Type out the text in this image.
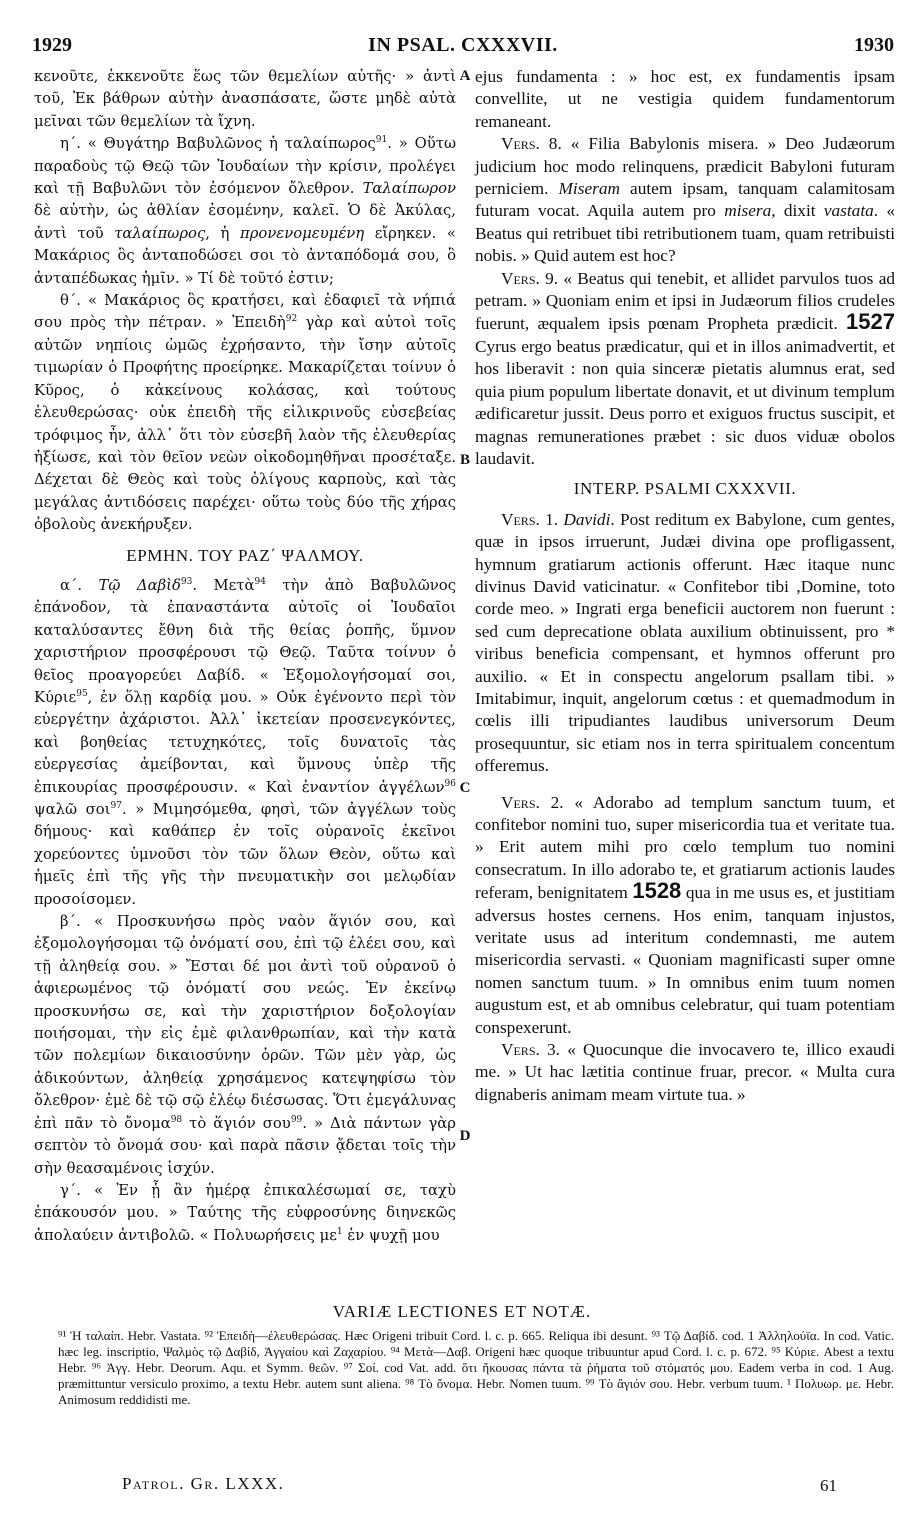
1929	IN PSAL. CXXXVII.	1930
A
B
C
D

κενοῦτε, ἐκκενοῦτε ἕως τῶν θεμελίων αὐτῆς· » ἀντὶ τοῦ, Ἐκ βάθρων αὐτὴν ἀνασπάσατε, ὥστε μηδὲ αὐτὰ μεῖναι τῶν θεμελίων τὰ ἴχνη.

η΄. « Θυγάτηρ Βαβυλῶνος ἡ ταλαίπωρος$^{91}$. » Οὕτω παραδοὺς τῷ Θεῷ τῶν Ἰουδαίων τὴν κρίσιν, προλέγει καὶ τῇ Βαβυλῶνι τὸν ἐσόμενον ὄλεθρον. Ταλαίπωρον δὲ αὐτὴν, ὡς ἀθλίαν ἐσομένην, καλεῖ. Ὁ δὲ Ἀκύλας, ἀντὶ τοῦ ταλαίπωρος, ἡ προνενομευμένη εἴρηκεν. « Μακάριος ὃς ἀνταποδώσει σοι τὸ ἀνταπόδομά σου, ὃ ἀνταπέδωκας ἡμῖν. » Τί δὲ τοῦτό ἐστιν;

θ΄. « Μακάριος ὃς κρατήσει, καὶ ἐδαφιεῖ τὰ νήπιά σου πρὸς τὴν πέτραν. » Ἐπειδὴ$^{92}$ γὰρ καὶ αὐτοὶ τοῖς αὐτῶν νηπίοις ὠμῶς ἐχρήσαντο, τὴν ἴσην αὐτοῖς τιμωρίαν ὁ Προφήτης προείρηκε. Μακαρίζεται τοίνυν ὁ Κῦρος, ὁ κἀκείνους κολάσας, καὶ τούτους ἐλευθερώσας· οὐκ ἐπειδὴ τῆς εἰλικρινοῦς εὐσεβείας τρόφιμος ἦν, ἀλλ᾽ ὅτι τὸν εὐσεβῆ λαὸν τῆς ἐλευθερίας ἠξίωσε, καὶ τὸν θεῖον νεὼν οἰκοδομηθῆναι προσέταξε. Δέχεται δὲ Θεὸς καὶ τοὺς ὀλίγους καρποὺς, καὶ τὰς μεγάλας ἀντιδόσεις παρέχει· οὕτω τοὺς δύο τῆς χήρας ὀβολοὺς ἀνεκήρυξεν.

ΕΡΜΗΝ. ΤΟΥ ΡΑΖ΄ ΨΑΛΜΟΥ.

α΄. Τῷ Δαβὶδ$^{93}$. Μετὰ$^{94}$ τὴν ἀπὸ Βαβυλῶνος ἐπάνοδον, τὰ ἐπαναστάντα αὐτοῖς οἱ Ἰουδαῖοι καταλύσαντες ἔθνη διὰ τῆς θείας ῥοπῆς, ὕμνον χαριστήριον προσφέρουσι τῷ Θεῷ. Ταῦτα τοίνυν ὁ θεῖος προαγορεύει Δαβίδ. « Ἐξομολογήσομαί σοι, Κύριε$^{95}$, ἐν ὅλῃ καρδίᾳ μου. » Οὐκ ἐγένοντο περὶ τὸν εὐεργέτην ἀχάριστοι. Ἀλλ᾽ ἱκετείαν προσενεγκόντες, καὶ βοηθείας τετυχηκότες, τοῖς δυνατοῖς τὰς εὐεργεσίας ἀμείβονται, καὶ ὕμνους ὑπὲρ τῆς ἐπικουρίας προσφέρουσιν. « Καὶ ἐναντίον ἀγγέλων$^{96}$ ψαλῶ σοι$^{97}$. » Μιμησόμεθα, φησὶ, τῶν ἀγγέλων τοὺς δήμους· καὶ καθάπερ ἐν τοῖς οὐρανοῖς ἐκεῖνοι χορεύοντες ὑμνοῦσι τὸν τῶν ὅλων Θεὸν, οὕτω καὶ ἡμεῖς ἐπὶ τῆς γῆς τὴν πνευματικὴν σοι μελῳδίαν προσοίσομεν.

β΄. « Προσκυνήσω πρὸς ναὸν ἅγιόν σου, καὶ ἐξομολογήσομαι τῷ ὀνόματί σου, ἐπὶ τῷ ἐλέει σου, καὶ τῇ ἀληθείᾳ σου. » Ἔσται δέ μοι ἀντὶ τοῦ οὐρανοῦ ὁ ἀφιερωμένος τῷ ὀνόματί σου νεώς. Ἐν ἐκείνῳ προσκυνήσω σε, καὶ τὴν χαριστήριον δοξολογίαν ποιήσομαι, τὴν εἰς ἐμὲ φιλανθρωπίαν, καὶ τὴν κατὰ τῶν πολεμίων δικαιοσύνην ὁρῶν. Τῶν μὲν γὰρ, ὡς ἀδικούντων, ἀληθείᾳ χρησάμενος κατεψηφίσω τὸν ὄλεθρον· ἐμὲ δὲ τῷ σῷ ἐλέῳ διέσωσας. Ὅτι ἐμεγάλυνας ἐπὶ πᾶν τὸ ὄνομα$^{98}$ τὸ ἅγιόν σου$^{99}$. » Διὰ πάντων γὰρ σεπτὸν τὸ ὄνομά σου· καὶ παρὰ πᾶσιν ᾄδεται τοῖς τὴν σὴν θεασαμένοις ἰσχύν.

γ΄. « Ἐν ᾗ ἂν ἡμέρᾳ ἐπικαλέσωμαί σε, ταχὺ ἐπάκουσόν μου. » Ταύτης τῆς εὐφροσύνης διηνεκῶς ἀπολαύειν ἀντιβολῶ. « Πολυωρήσεις $\mu\varepsilon^1$ ἐν ψυχῇ μου

ejus fundamenta : » hoc est, ex fundamentis ipsam convellite, ut ne vestigia quidem fundamentorum remaneant.

Vers. 8. « Filia Babylonis misera. » Deo Judæorum judicium hoc modo relinquens, prædicit Babyloni futuram perniciem. Miseram autem ipsam, tanquam calamitosam futuram vocat. Aquila autem pro misera, dixit vastata. « Beatus qui retribuet tibi retributionem tuam, quam retribuisti nobis. » Quid autem est hoc?

Vers. 9. « Beatus qui tenebit, et allidet parvulos tuos ad petram. » Quoniam enim et ipsi in Judæorum filios crudeles fuerunt, æqualem ipsis pœnam Propheta prædicit. 1527 Cyrus ergo beatus prædicatur, qui et in illos animadvertit, et hos liberavit : non quia sinceræ pietatis alumnus erat, sed quia pium populum libertate donavit, et ut divinum templum ædificaretur jussit. Deus porro et exiguos fructus suscipit, et magnas remunerationes præbet : sic duos viduæ obolos laudavit.

INTERP. PSALMI CXXXVII.

Vers. 1. Davidi. Post reditum ex Babylone, cum gentes, quæ in ipsos irruerunt, Judæi divina ope profligassent, hymnum gratiarum actionis offerunt. Hæc itaque nunc divinus David vaticinatur. « Confitebor tibi ,Domine, toto corde meo. » Ingrati erga beneficii auctorem non fuerunt : sed cum deprecatione oblata auxilium obtinuissent, pro * viribus beneficia compensant, et hymnos offerunt pro auxilio. « Et in conspectu angelorum psallam tibi. » Imitabimur, inquit, angelorum cœtus : et quemadmodum in cœlis illi tripudiantes laudibus universorum Deum prosequuntur, sic etiam nos in terra spiritualem concentum offeremus.

Vers. 2. « Adorabo ad templum sanctum tuum, et confitebor nomini tuo, super misericordia tua et veritate tua. » Erit autem mihi pro cœlo templum tuo nomini consecratum. In illo adorabo te, et gratiarum actionis laudes referam, benignitatem 1528 qua in me usus es, et justitiam adversus hostes cernens. Hos enim, tanquam injustos, veritate usus ad interitum condemnasti, me autem misericordia servasti. « Quoniam magnificasti super omne nomen sanctum tuum. » In omnibus enim tuum nomen augustum est, et ab omnibus celebratur, qui tuam potentiam conspexerunt.

Vers. 3. « Quocunque die invocavero te, illico exaudi me. » Ut hac lætitia continue fruar, precor. « Multa cura dignaberis animam meam virtute tua. »

VARIÆ LECTIONES ET NOTÆ.

⁹¹ Ἡ ταλαίπ. Hebr. Vastata. ⁹² Ἐπειδὴ—ἐλευθερώσας. Hæc Origeni tribuit Cord. l. c. p. 665. Reliqua ibi desunt. ⁹³ Τῷ Δαβίδ. cod. 1 Ἀλληλούϊα. In cod. Vatic. hæc leg. inscriptio, Ψαλμὸς τῷ Δαβίδ, Ἀγγαίου καὶ Ζαχαρίου. ⁹⁴ Μετὰ—Δαβ. Origeni hæc quoque tribuuntur apud Cord. l. c. p. 672. ⁹⁵ Κύριε. Abest a textu Hebr. ⁹⁶ Ἀγγ. Hebr. Deorum. Aqu. et Symm. θεῶν. ⁹⁷ Σοί. cod Vat. add. ὅτι ἤκουσας πάντα τὰ ῥήματα τοῦ στόματός μου. Eadem verba in cod. 1 Aug. præmittuntur versiculo proximo, a textu Hebr. autem sunt aliena. ⁹⁸ Τὸ ὄνομα. Hebr. Nomen tuum. ⁹⁹ Τὸ ἅγιόν σου. Hebr. verbum tuum. ¹ Πολυωρ. με. Hebr. Animosum reddidisti me.

Patrol. Gr. LXXX.	61
